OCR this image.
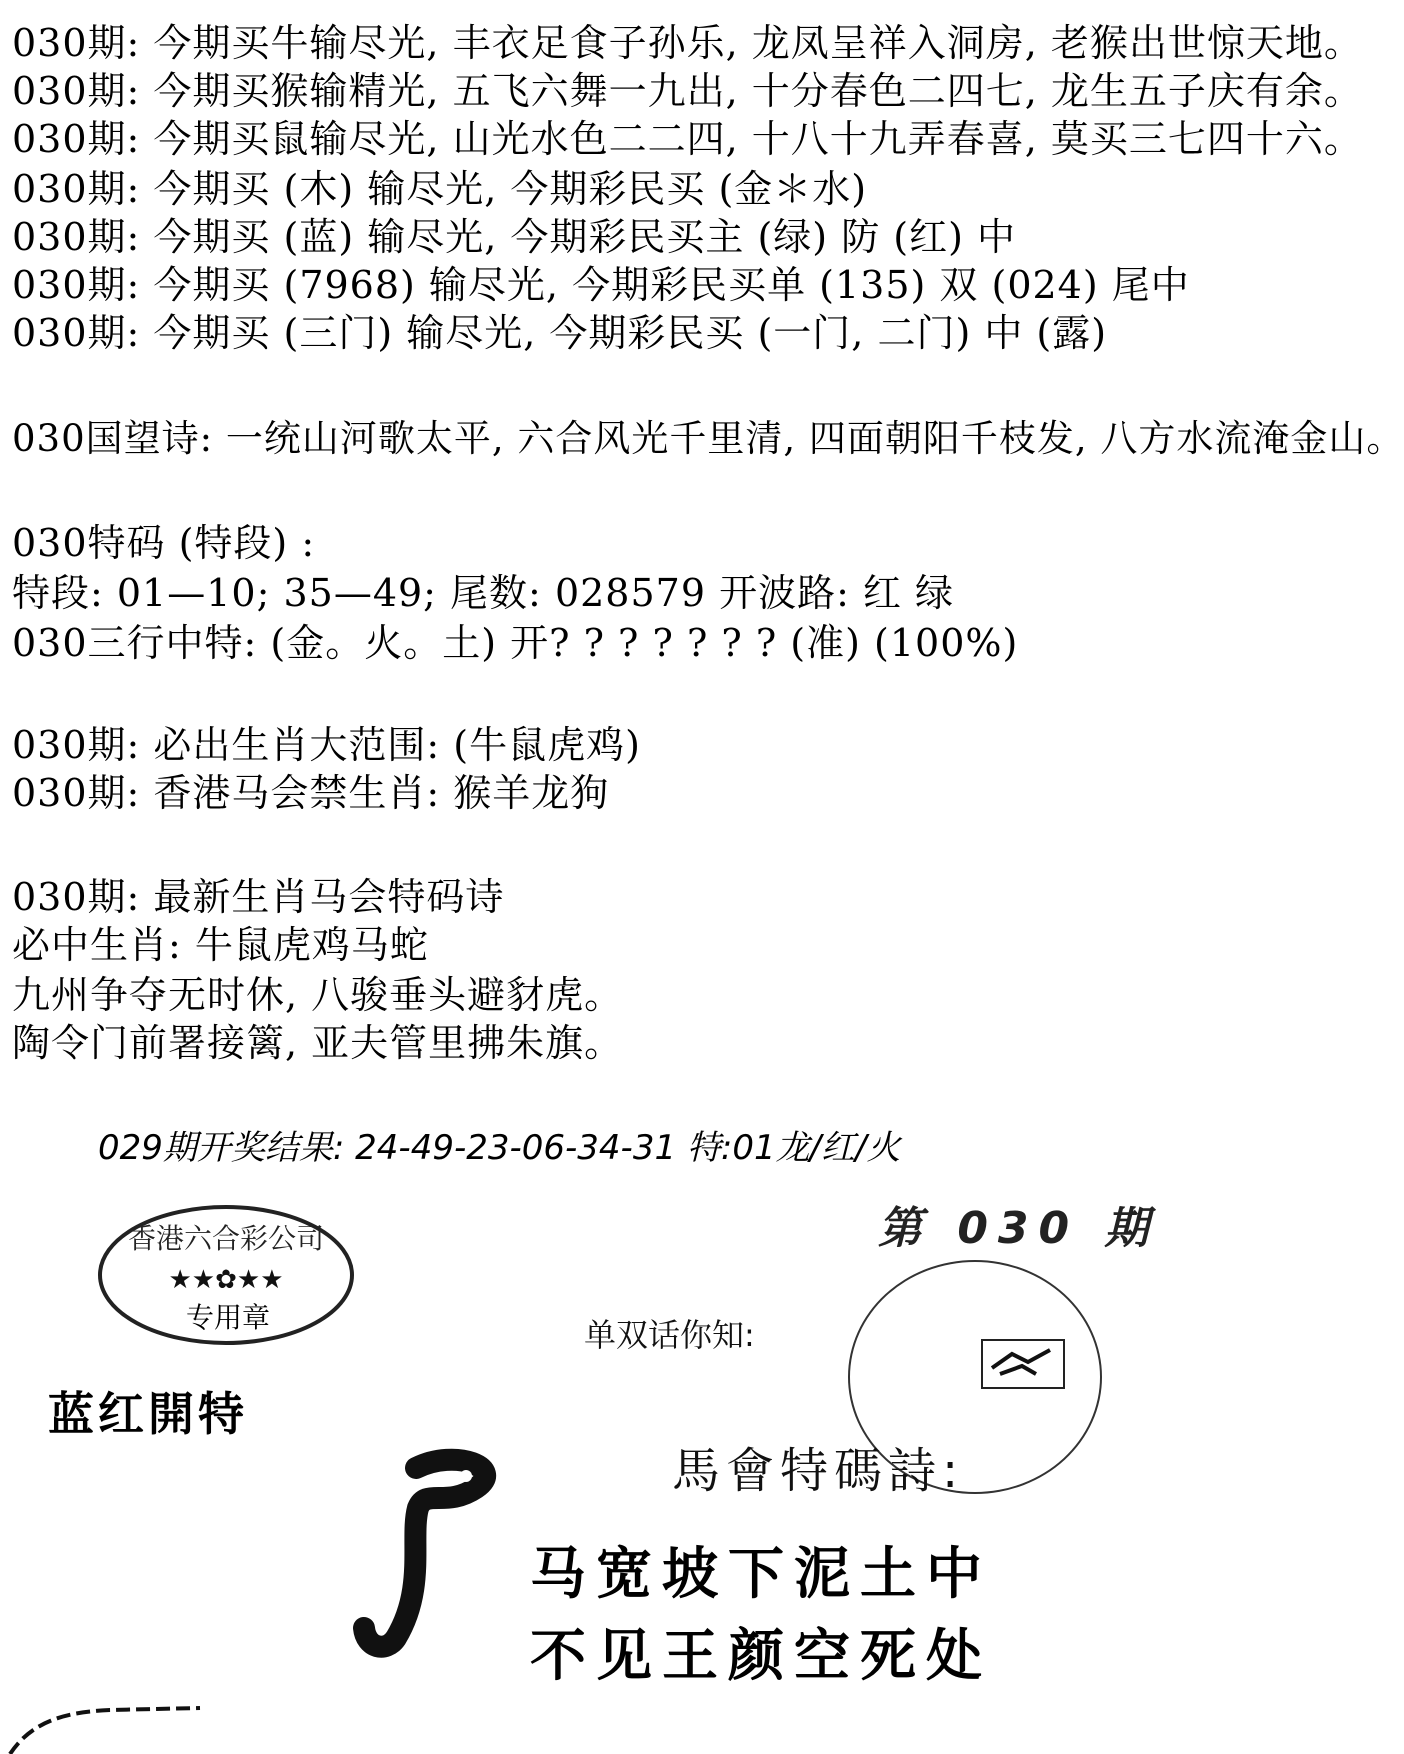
030期: 今期买牛输尽光, 丰衣足食子孙乐, 龙凤呈祥入洞房, 老猴出世惊天地。
030期: 今期买猴输精光, 五飞六舞一九出, 十分春色二四七, 龙生五子庆有余。
030期: 今期买鼠输尽光, 山光水色二二四, 十八十九弄春喜, 莫买三七四十六。
030期: 今期买 (木) 输尽光, 今期彩民买 (金＊水)
030期: 今期买 (蓝) 输尽光, 今期彩民买主 (绿) 防 (红) 中
030期: 今期买 (7968) 输尽光, 今期彩民买单 (135) 双 (024) 尾中
030期: 今期买 (三门) 输尽光, 今期彩民买 (一门, 二门) 中 (露)
030国望诗: 一统山河歌太平, 六合风光千里清, 四面朝阳千枝发, 八方水流淹金山。
030特码 (特段) :
特段: 01—10; 35—49; 尾数: 028579 开波路: 红 绿
030三行中特: (金。火。土) 开? ? ? ? ? ? ? (准) (100%)
030期: 必出生肖大范围: (牛鼠虎鸡)
030期: 香港马会禁生肖: 猴羊龙狗
030期: 最新生肖马会特码诗
必中生肖: 牛鼠虎鸡马蛇
九州争夺无时休, 八骏垂头避豺虎。
陶令门前署接篱, 亚夫管里拂朱旗。
029期开奖结果: 24-49-23-06-34-31 特:01龙/红/火
香港六合彩公司
★★✿★★
专用章
蓝红開特
第 030 期
单双话你知:
馬會特碼詩:
马宽坡下泥土中
不见王颜空死处
